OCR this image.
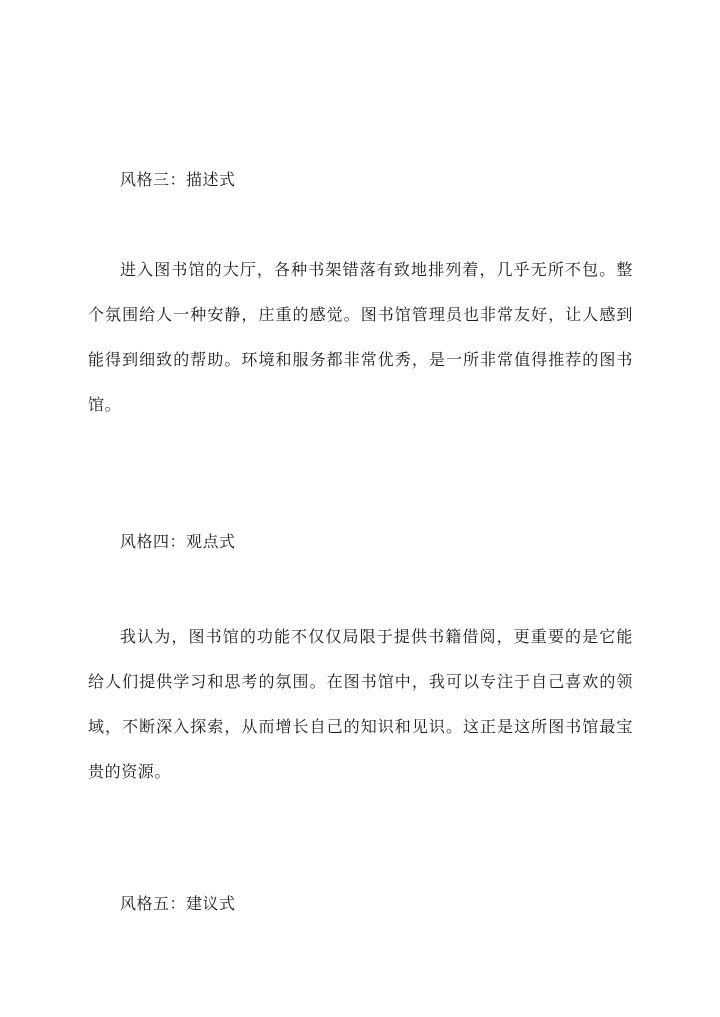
风格三：描述式
进入图书馆的大厅，各种书架错落有致地排列着，几乎无所不包。整个氛围给人一种安静，庄重的感觉。图书馆管理员也非常友好，让人感到能得到细致的帮助。环境和服务都非常优秀，是一所非常值得推荐的图书馆。
风格四：观点式
我认为，图书馆的功能不仅仅局限于提供书籍借阅，更重要的是它能给人们提供学习和思考的氛围。在图书馆中，我可以专注于自己喜欢的领域，不断深入探索，从而增长自己的知识和见识。这正是这所图书馆最宝贵的资源。
风格五：建议式
